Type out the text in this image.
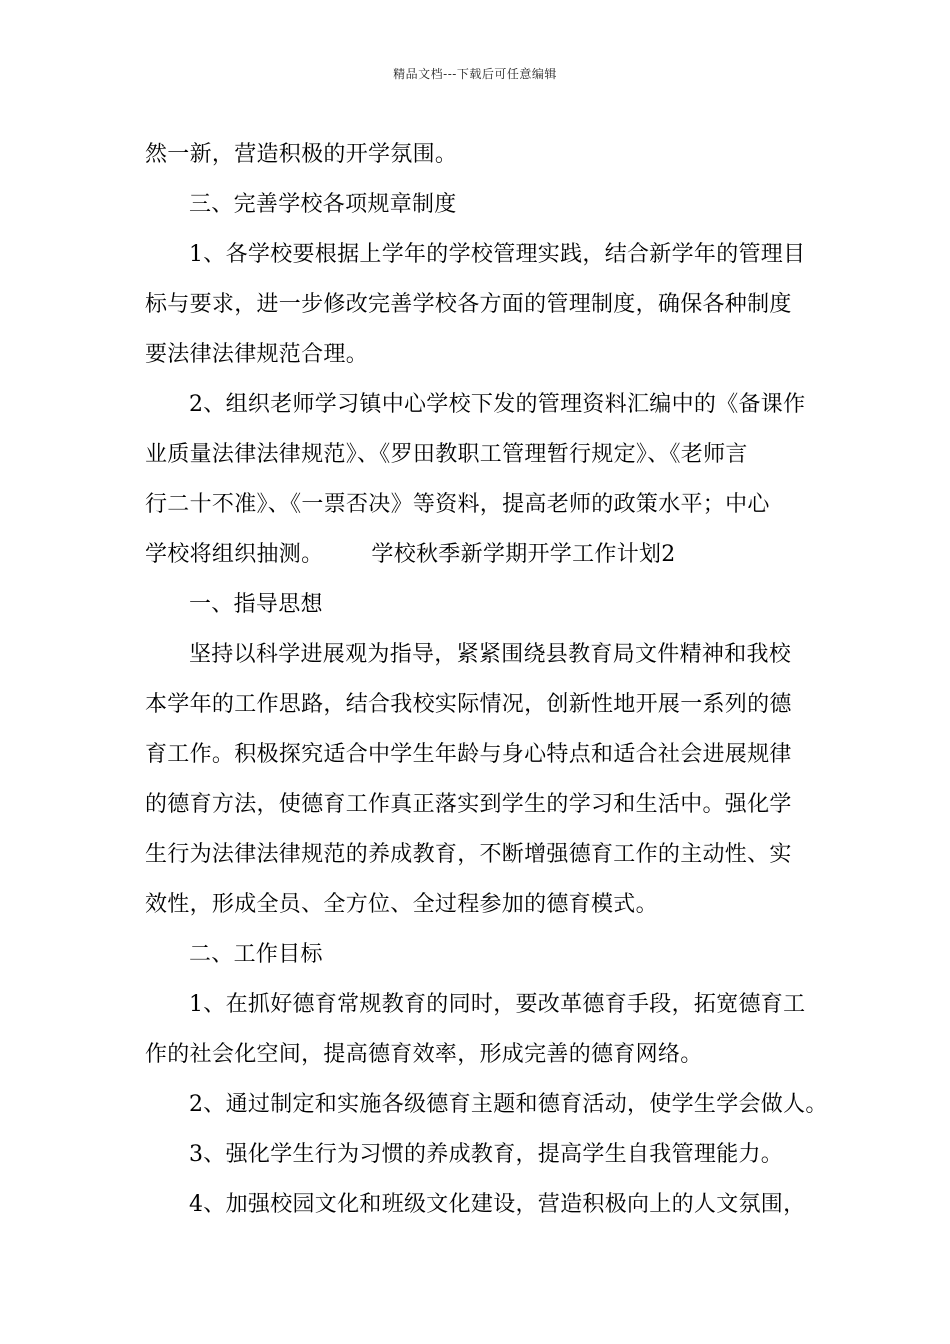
精品文档---下载后可任意编辑
然一新，营造积极的开学氛围。
三、完善学校各项规章制度
1、各学校要根据上学年的学校管理实践，结合新学年的管理目
标与要求，进一步修改完善学校各方面的管理制度，确保各种制度
要法律法律规范合理。
2、组织老师学习镇中心学校下发的管理资料汇编中的《备课作
业质量法律法律规范》、《罗田教职工管理暂行规定》、《老师言
行二十不准》、《一票否决》等资料，提高老师的政策水平；中心
学校将组织抽测。 学校秋季新学期开学工作计划2
一、指导思想
坚持以科学进展观为指导，紧紧围绕县教育局文件精神和我校
本学年的工作思路，结合我校实际情况，创新性地开展一系列的德
育工作。积极探究适合中学生年龄与身心特点和适合社会进展规律
的德育方法，使德育工作真正落实到学生的学习和生活中。强化学
生行为法律法律规范的养成教育，不断增强德育工作的主动性、实
效性，形成全员、全方位、全过程参加的德育模式。
二、工作目标
1、在抓好德育常规教育的同时，要改革德育手段，拓宽德育工
作的社会化空间，提高德育效率，形成完善的德育网络。
2、通过制定和实施各级德育主题和德育活动，使学生学会做人。
3、强化学生行为习惯的养成教育，提高学生自我管理能力。
4、加强校园文化和班级文化建设，营造积极向上的人文氛围，
